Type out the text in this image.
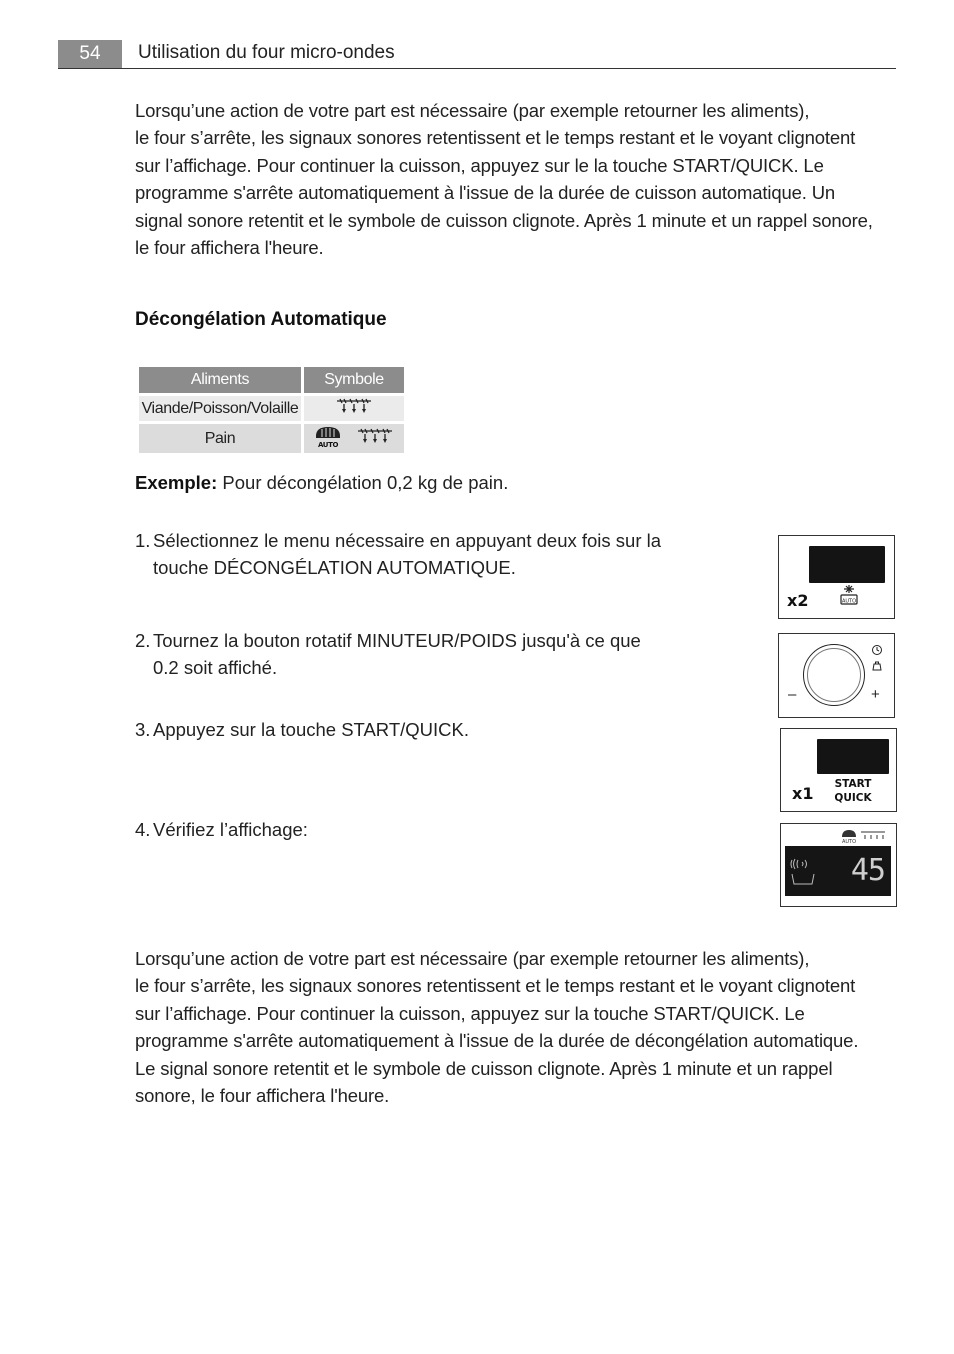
54	Utilisation du four micro-ondes

Lorsqu’une action de votre part est nécessaire (par exemple retourner les aliments),

le four s’arrête, les signaux sonores retentissent et le temps restant et le voyant clignotent

sur l’affichage. Pour continuer la cuisson, appuyez sur le la touche START/QUICK. Le

programme s'arrête automatiquement à l'issue de la durée de cuisson automatique. Un

signal sonore retentit et le symbole de cuisson clignote. Après 1 minute et un rappel sonore,

le four affichera l'heure.

Décongélation Automatique
Aliments	Symbole
Viande/Poisson/Volaille	
Pain	AUTO
Exemple: Pour décongélation 0,2 kg de pain.
1. Sélectionnez le menu nécessaire en appuyant deux fois sur la
touche DÉCONGÉLATION AUTOMATIQUE.
2. Tournez la bouton rotatif MINUTEUR/POIDS jusqu'à ce que
0.2 soit affiché.
3. Appuyez sur la touche START/QUICK.
4. Vérifiez l’affichage:
x2	AUTO
–	+
x1	START
QUICK
45
AUTO

Lorsqu’une action de votre part est nécessaire (par exemple retourner les aliments),

le four s’arrête, les signaux sonores retentissent et le temps restant et le voyant clignotent

sur l’affichage. Pour continuer la cuisson, appuyez sur la touche START/QUICK. Le

programme s'arrête automatiquement à l'issue de la durée de décongélation automatique.

Le signal sonore retentit et le symbole de cuisson clignote. Après 1 minute et un rappel

sonore, le four affichera l'heure.
